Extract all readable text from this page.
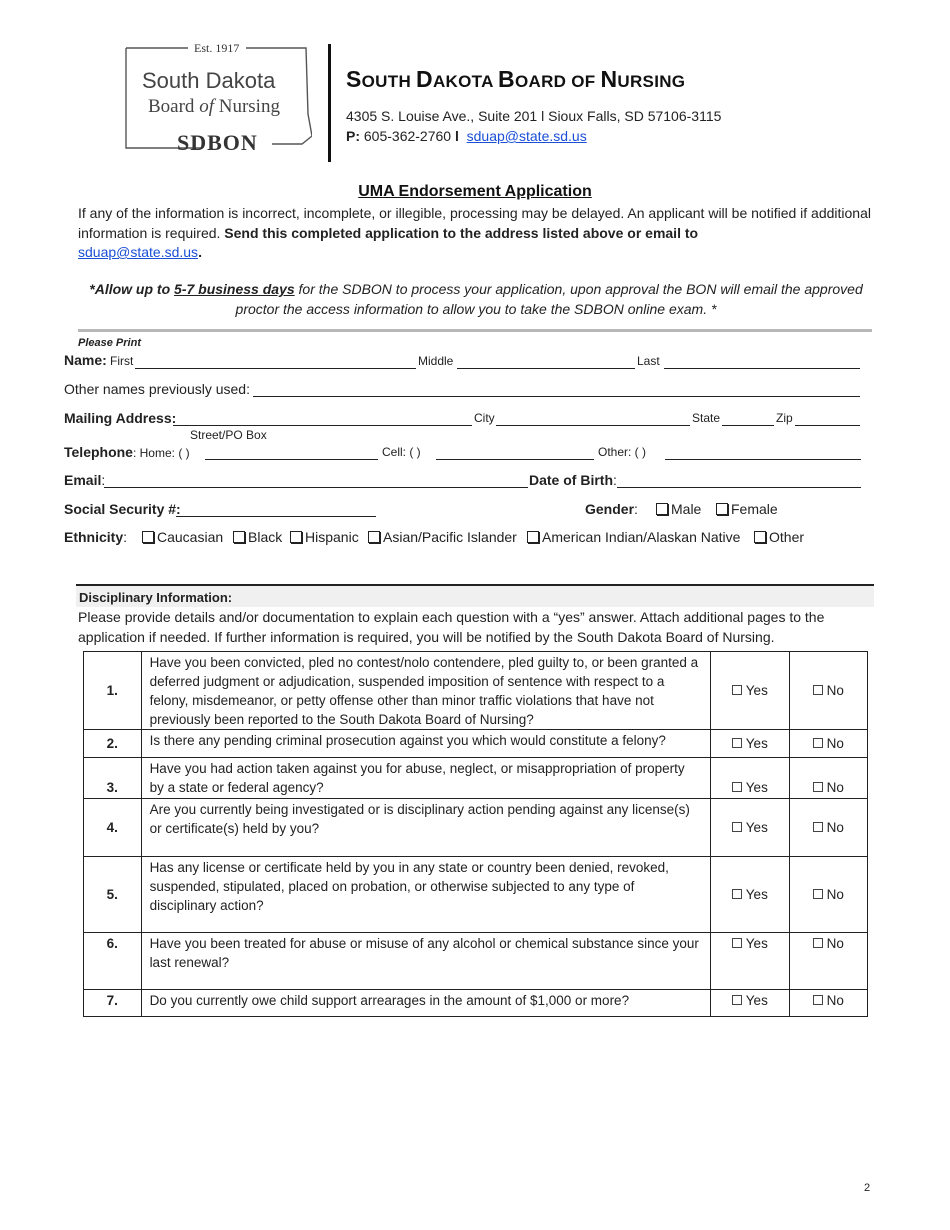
Est. 1917
South Dakota
Board of Nursing
SDBON
SOUTH DAKOTA BOARD OF NURSING
4305 S. Louise Ave., Suite 201 l Sioux Falls, SD 57106-3115
P: 605-362-2760 l sduap@state.sd.us
UMA Endorsement Application
If any of the information is incorrect, incomplete, or illegible, processing may be delayed. An applicant will be notified if additional information is required. Send this completed application to the address listed above or email to
sduap@state.sd.us.
*Allow up to 5-7 business days for the SDBON to process your application, upon approval the BON will email the approved proctor the access information to allow you to take the SDBON online exam. *
Please Print
Name: First	Middle	Last
Other names previously used:
Mailing Address:	City	State	Zip
Street/PO Box
Telephone: Home: ( )	Cell: ( )	Other: ( )
Email:	Date of Birth:
Social Security #:	Gender:	Male	Female
Ethnicity:	Caucasian	Black	Hispanic	Asian/Pacific Islander	American Indian/Alaskan Native	Other
Disciplinary Information:
Please provide details and/or documentation to explain each question with a “yes” answer. Attach additional pages to the application if needed. If further information is required, you will be notified by the South Dakota Board of Nursing.
1.	Have you been convicted, pled no contest/nolo contendere, pled guilty to, or been granted a deferred judgment or adjudication, suspended imposition of sentence with respect to a felony, misdemeanor, or petty offense other than minor traffic violations that have not previously been reported to the South Dakota Board of Nursing?	Yes	No
2.	Is there any pending criminal prosecution against you which would constitute a felony?	Yes	No
3.	Have you had action taken against you for abuse, neglect, or misappropriation of property by a state or federal agency?	Yes	No
4.	Are you currently being investigated or is disciplinary action pending against any license(s) or certificate(s) held by you?	Yes	No
5.	Has any license or certificate held by you in any state or country been denied, revoked, suspended, stipulated, placed on probation, or otherwise subjected to any type of disciplinary action?	Yes	No
6.	Have you been treated for abuse or misuse of any alcohol or chemical substance since your last renewal?	Yes	No
7.	Do you currently owe child support arrearages in the amount of $1,000 or more?	Yes	No
2
